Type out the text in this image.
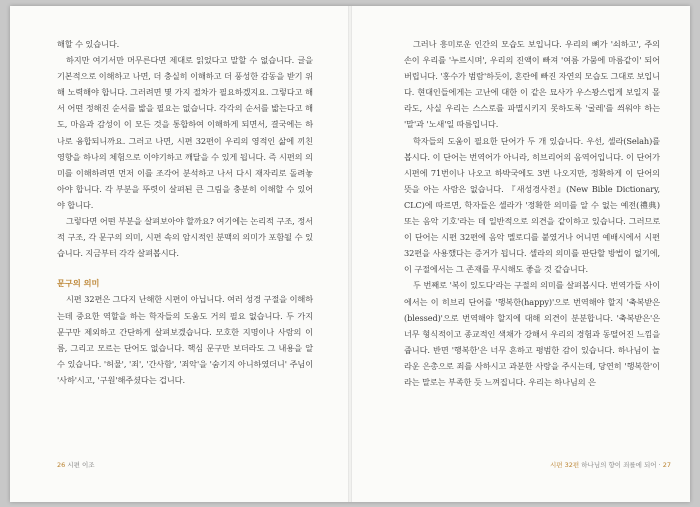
해할 수 있습니다.

하지만 여기서만 머무른다면 제대로 읽었다고 말할 수 없습니다. 글을 기본적으로 이해하고 나면, 더 충실히 이해하고 더 풍성한 감동을 받기 위해 노력해야 합니다. 그러려면 몇 가지 절차가 필요하겠지요. 그렇다고 해서 어떤 정해진 순서를 밟을 필요는 없습니다. 각각의 순서를 밟는다고 해도, 마음과 감성이 이 모든 것을 통합하여 이해하게 되면서, 결국에는 하나로 융합되니까요. 그러고 나면, 시편 32편이 우리의 영적인 삶에 끼친 영향을 하나의 체험으로 이야기하고 깨달을 수 있게 됩니다. 즉 시편의 의미를 이해하려면 먼저 이를 조각어 분석하고 나서 다시 재자리로 돌려놓아야 합니다. 각 부분을 뚜렷이 살펴된 큰 그림을 충분히 이해할 수 있어야 합니다.

그렇다면 어떤 부분을 살펴보아야 할까요? 여기에는 논리적 구조, 정서적 구조, 각 문구의 의미, 시편 속의 암시적인 분맥의 의미가 포함될 수 있습니다. 지금부터 각각 살펴봅시다.

문구의 의미

시편 32편은 그다지 난해한 시편이 아닙니다. 여러 성경 구절을 이해하는데 중요한 역할을 하는 학자들의 도움도 거의 필요 없습니다. 두 가지 문구만 제외하고 간단하게 살펴보겠습니다. 모호한 지명이나 사람의 이름, 그리고 모르는 단어도 없습니다. 핵심 문구만 보더라도 그 내용을 알 수 있습니다. '허물', '죄', '간사함', '죄악'을 '숨기지 아니하였더니' 주님이 '사하'시고, '구원'해주셨다는 겁니다.

그러나 흥미로운 인간의 모습도 보입니다. 우리의 뼈가 '쇠하고', 주의 손이 우리를 '누르시며', 우리의 진액이 빠져 '여름 가뭄에 마름같이' 되어버립니다. '홍수가 범람'하듯이, 혼란에 빠진 자연의 모습도 그대로 보입니다. 현대인들에게는 고난에 대한 이 같은 묘사가 우스꽝스럽게 보일지 몰라도, 사실 우리는 스스로를 파멸시키지 못하도록 '굴레'를 씌워야 하는 '말'과 '노새'일 따름입니다.

학자들의 도움이 필요한 단어가 두 개 있습니다. 우선, 셀라(Selah)를 봅시다. 이 단어는 번역어가 아니라, 히브리어의 음역어입니다. 이 단어가 시편에 71번이나 나오고 하박국에도 3번 나오지만, 정확하게 이 단어의 뜻을 아는 사람은 없습니다. 『새성경사전』(New Bible Dictionary, CLC)에 따르면, 학자들은 셀라가 '정확한 의미를 알 수 없는 예전(禮典) 또는 음악 기호'라는 데 일반적으로 의견을 같이하고 있습니다. 그러므로 이 단어는 시편 32편에 음악 멜로디를 붙였거나 어니면 예배시에서 시편 32편을 사용했다는 증거가 됩니다. 셀라의 의미를 판단할 방법이 없기에, 이 구절에서는 그 존재를 무시해도 좋을 것 같습니다.

두 번째로 '복이 있도다'라는 구절의 의미를 살펴봅시다. 번역가들 사이에서는 이 히브리 단어를 '행복한(happy)'으로 번역해야 할지 '축복받은(blessed)'으로 번역해야 할지에 대해 의견이 분분합니다. '축복받은'은 너무 형식적이고 종교적인 색채가 강해서 우리의 경험과 동떨어진 느낌을 줍니다. 반면 '행복한'은 너무 흔하고 평범한 감이 있습니다. 하나님이 놀라운 은총으로 죄를 사하시고 과분한 사랑을 주시는데, 당연히 '행복한'이라는 말로는 부족한 듯 느껴집니다. 우리는 하나님의 은

26 시편 이조	시편 32편 하나님의 향이 죄를에 되어 · 27
